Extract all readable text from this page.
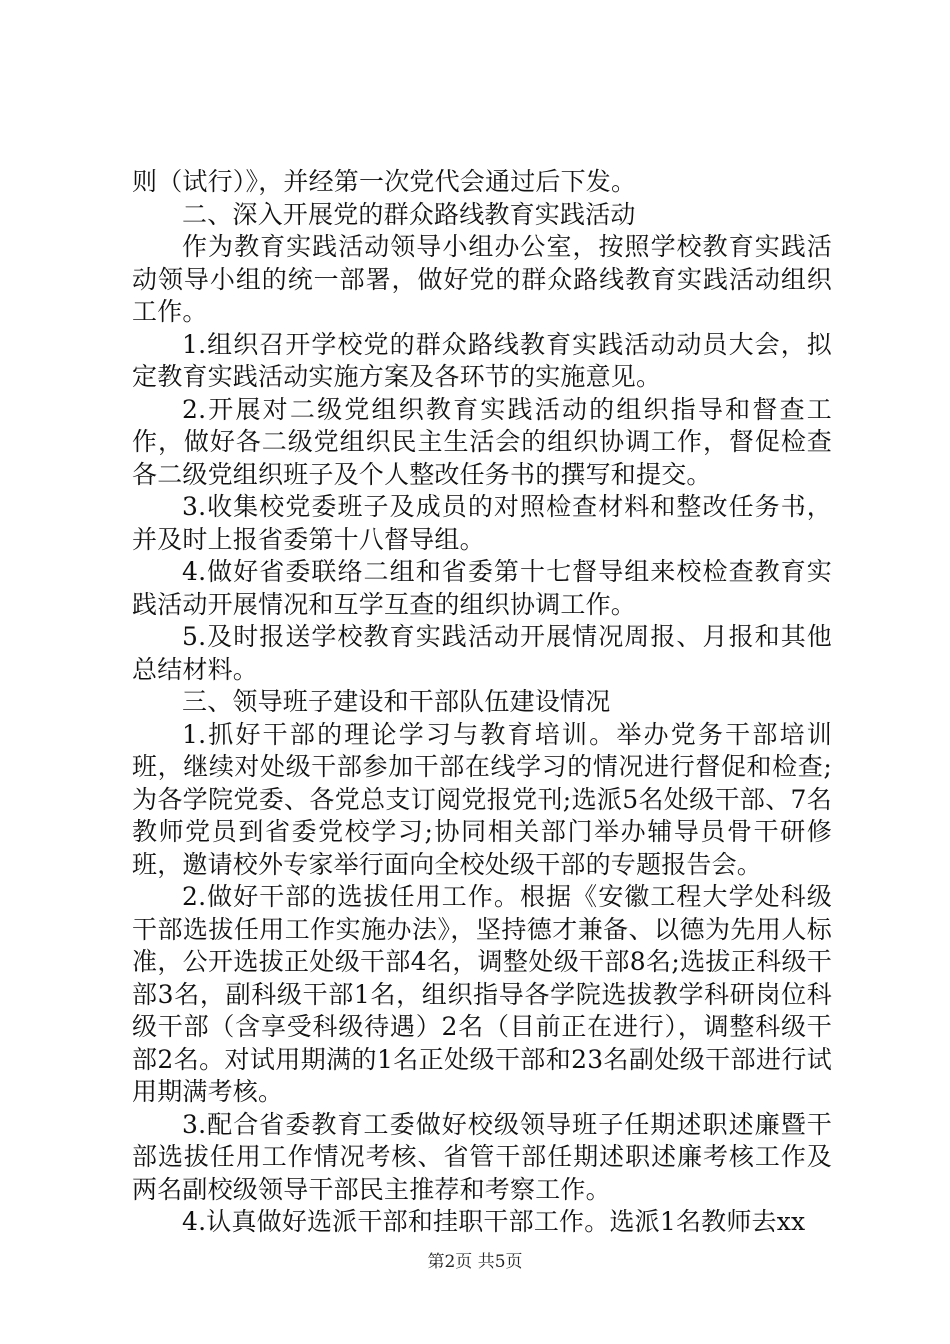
则（试行）》，并经第一次党代会通过后下发。

二、深入开展党的群众路线教育实践活动

作为教育实践活动领导小组办公室，按照学校教育实践活动领导小组的统一部署，做好党的群众路线教育实践活动组织工作。

1.组织召开学校党的群众路线教育实践活动动员大会，拟定教育实践活动实施方案及各环节的实施意见。

2.开展对二级党组织教育实践活动的组织指导和督查工作，做好各二级党组织民主生活会的组织协调工作，督促检查各二级党组织班子及个人整改任务书的撰写和提交。

3.收集校党委班子及成员的对照检查材料和整改任务书，并及时上报省委第十八督导组。

4.做好省委联络二组和省委第十七督导组来校检查教育实践活动开展情况和互学互查的组织协调工作。

5.及时报送学校教育实践活动开展情况周报、月报和其他总结材料。

三、领导班子建设和干部队伍建设情况

1.抓好干部的理论学习与教育培训。举办党务干部培训班，继续对处级干部参加干部在线学习的情况进行督促和检查;为各学院党委、各党总支订阅党报党刊;选派5名处级干部、7名教师党员到省委党校学习;协同相关部门举办辅导员骨干研修班，邀请校外专家举行面向全校处级干部的专题报告会。

2.做好干部的选拔任用工作。根据《安徽工程大学处科级干部选拔任用工作实施办法》，坚持德才兼备、以德为先用人标准，公开选拔正处级干部4名，调整处级干部8名;选拔正科级干部3名，副科级干部1名，组织指导各学院选拔教学科研岗位科级干部（含享受科级待遇）2名（目前正在进行），调整科级干部2名。对试用期满的1名正处级干部和23名副处级干部进行试用期满考核。

3.配合省委教育工委做好校级领导班子任期述职述廉暨干部选拔任用工作情况考核、省管干部任期述职述廉考核工作及两名副校级领导干部民主推荐和考察工作。

4.认真做好选派干部和挂职干部工作。选派1名教师去xx

第2页 共5页
